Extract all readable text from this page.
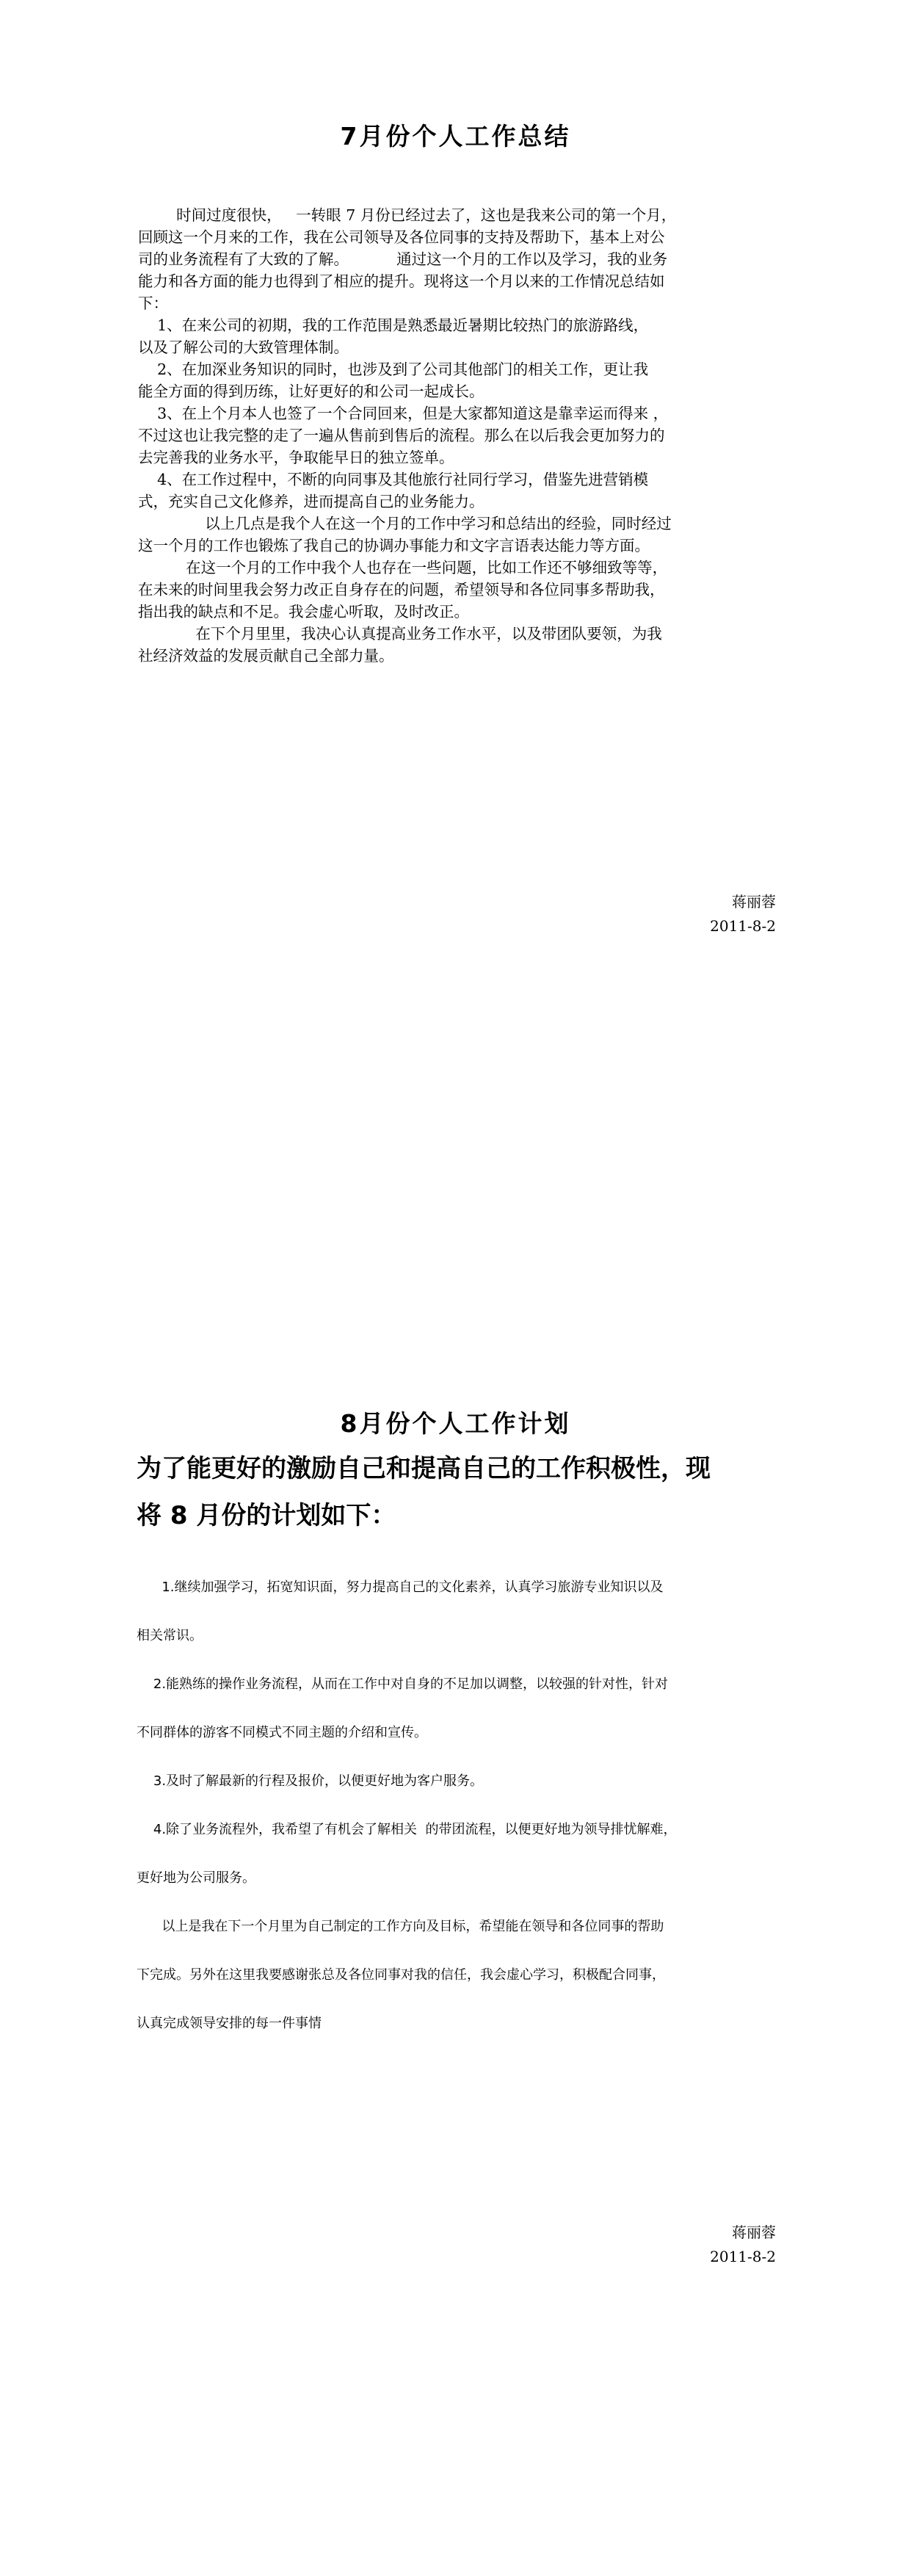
7月份个人工作总结

时间过度很快，   一转眼 7 月份已经过去了，这也是我来公司的第一个月，

回顾这一个月来的工作，我在公司领导及各位同事的支持及帮助下，基本上对公

司的业务流程有了大致的了解。          通过这一个月的工作以及学习，我的业务

能力和各方面的能力也得到了相应的提升。现将这一个月以来的工作情况总结如

下：

1、在来公司的初期，我的工作范围是熟悉最近暑期比较热门的旅游路线，

以及了解公司的大致管理体制。

2、在加深业务知识的同时，也涉及到了公司其他部门的相关工作，更让我

能全方面的得到历练，让好更好的和公司一起成长。

3、在上个月本人也签了一个合同回来，但是大家都知道这是靠幸运而得来 ，

不过这也让我完整的走了一遍从售前到售后的流程。那么在以后我会更加努力的

去完善我的业务水平，争取能早日的独立签单。

4、在工作过程中，不断的向同事及其他旅行社同行学习，借鉴先进营销模

式，充实自己文化修养，进而提高自己的业务能力。

以上几点是我个人在这一个月的工作中学习和总结出的经验，同时经过

这一个月的工作也锻炼了我自己的协调办事能力和文字言语表达能力等方面。

在这一个月的工作中我个人也存在一些问题，比如工作还不够细致等等，

在未来的时间里我会努力改正自身存在的问题，希望领导和各位同事多帮助我，

指出我的缺点和不足。我会虚心听取，及时改正。

在下个月里里，我决心认真提高业务工作水平，以及带团队要领，为我

社经济效益的发展贡献自己全部力量。

蒋丽蓉
2011-8-2
8月份个人工作计划
为了能更好的激励自己和提高自己的工作积极性，现
将 8 月份的计划如下：

1.继续加强学习，拓宽知识面，努力提高自己的文化素养，认真学习旅游专业知识以及

相关常识。

2.能熟练的操作业务流程，从而在工作中对自身的不足加以调整，以较强的针对性，针对

不同群体的游客不同模式不同主题的介绍和宣传。

3.及时了解最新的行程及报价，以便更好地为客户服务。

4.除了业务流程外，我希望了有机会了解相关  的带团流程，以便更好地为领导排忧解难，

更好地为公司服务。

以上是我在下一个月里为自己制定的工作方向及目标，希望能在领导和各位同事的帮助

下完成。另外在这里我要感谢张总及各位同事对我的信任，我会虚心学习，积极配合同事，

认真完成领导安排的每一件事情

蒋丽蓉
2011-8-2
